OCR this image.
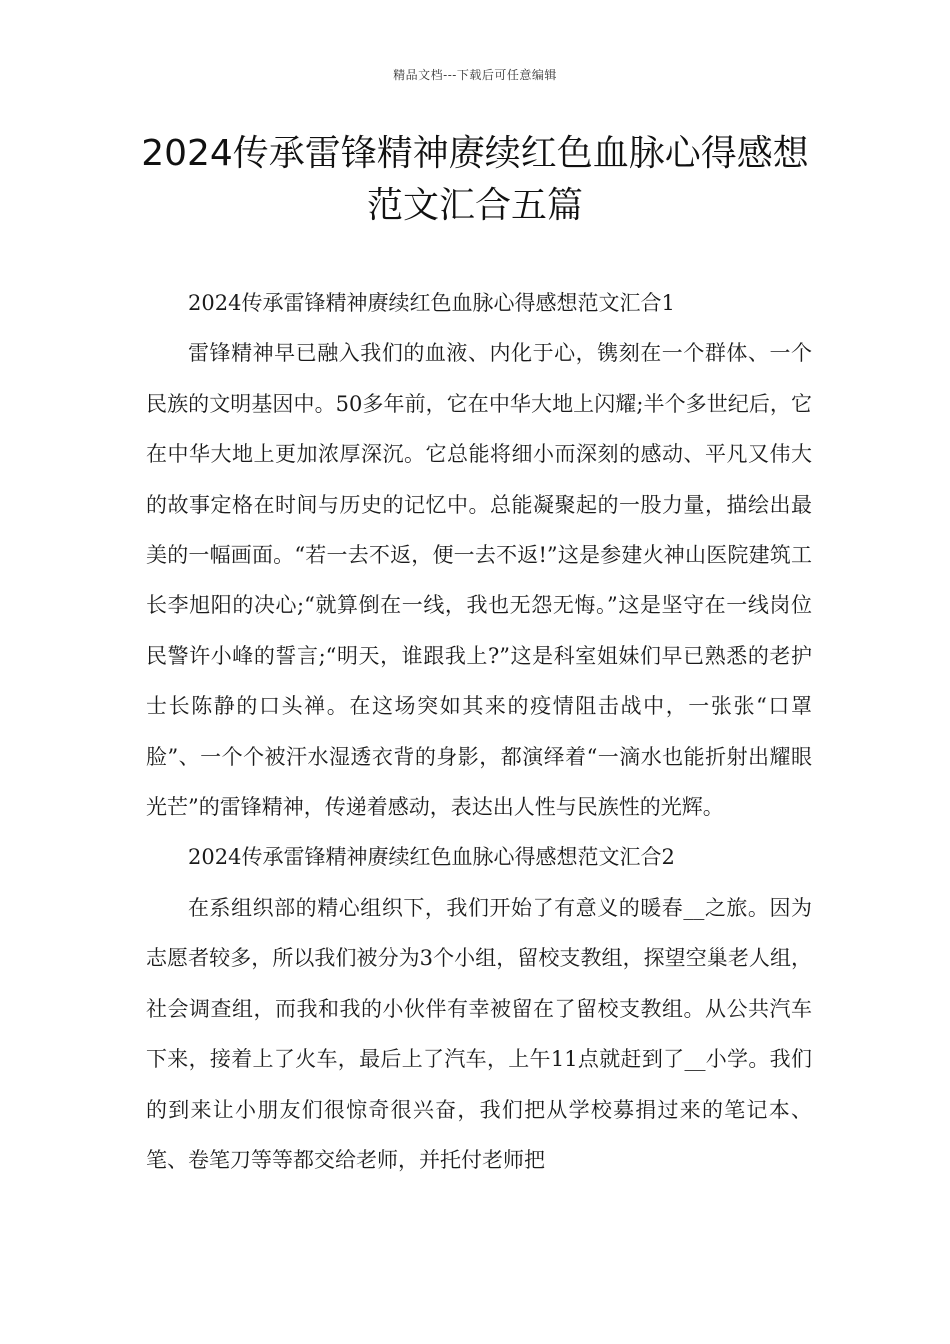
精品文档---下载后可任意编辑
2024传承雷锋精神赓续红色血脉心得感想范文汇合五篇

2024传承雷锋精神赓续红色血脉心得感想范文汇合1

雷锋精神早已融入我们的血液、内化于心，镌刻在一个群体、一个民族的文明基因中。50多年前，它在中华大地上闪耀;半个多世纪后，它在中华大地上更加浓厚深沉。它总能将细小而深刻的感动、平凡又伟大的故事定格在时间与历史的记忆中。总能凝聚起的一股力量，描绘出最美的一幅画面。“若一去不返，便一去不返!”这是参建火神山医院建筑工长李旭阳的决心;“就算倒在一线，我也无怨无悔。”这是坚守在一线岗位民警许小峰的誓言;“明天，谁跟我上?”这是科室姐妹们早已熟悉的老护士长陈静的口头禅。在这场突如其来的疫情阻击战中，一张张“口罩脸”、一个个被汗水湿透衣背的身影，都演绎着“一滴水也能折射出耀眼光芒”的雷锋精神，传递着感动，表达出人性与民族性的光辉。

2024传承雷锋精神赓续红色血脉心得感想范文汇合2

在系组织部的精心组织下，我们开始了有意义的暖春__之旅。因为志愿者较多，所以我们被分为3个小组，留校支教组，探望空巢老人组，社会调查组，而我和我的小伙伴有幸被留在了留校支教组。从公共汽车下来，接着上了火车，最后上了汽车，上午11点就赶到了__小学。我们的到来让小朋友们很惊奇很兴奋，我们把从学校募捐过来的笔记本、笔、卷笔刀等等都交给老师，并托付老师把
